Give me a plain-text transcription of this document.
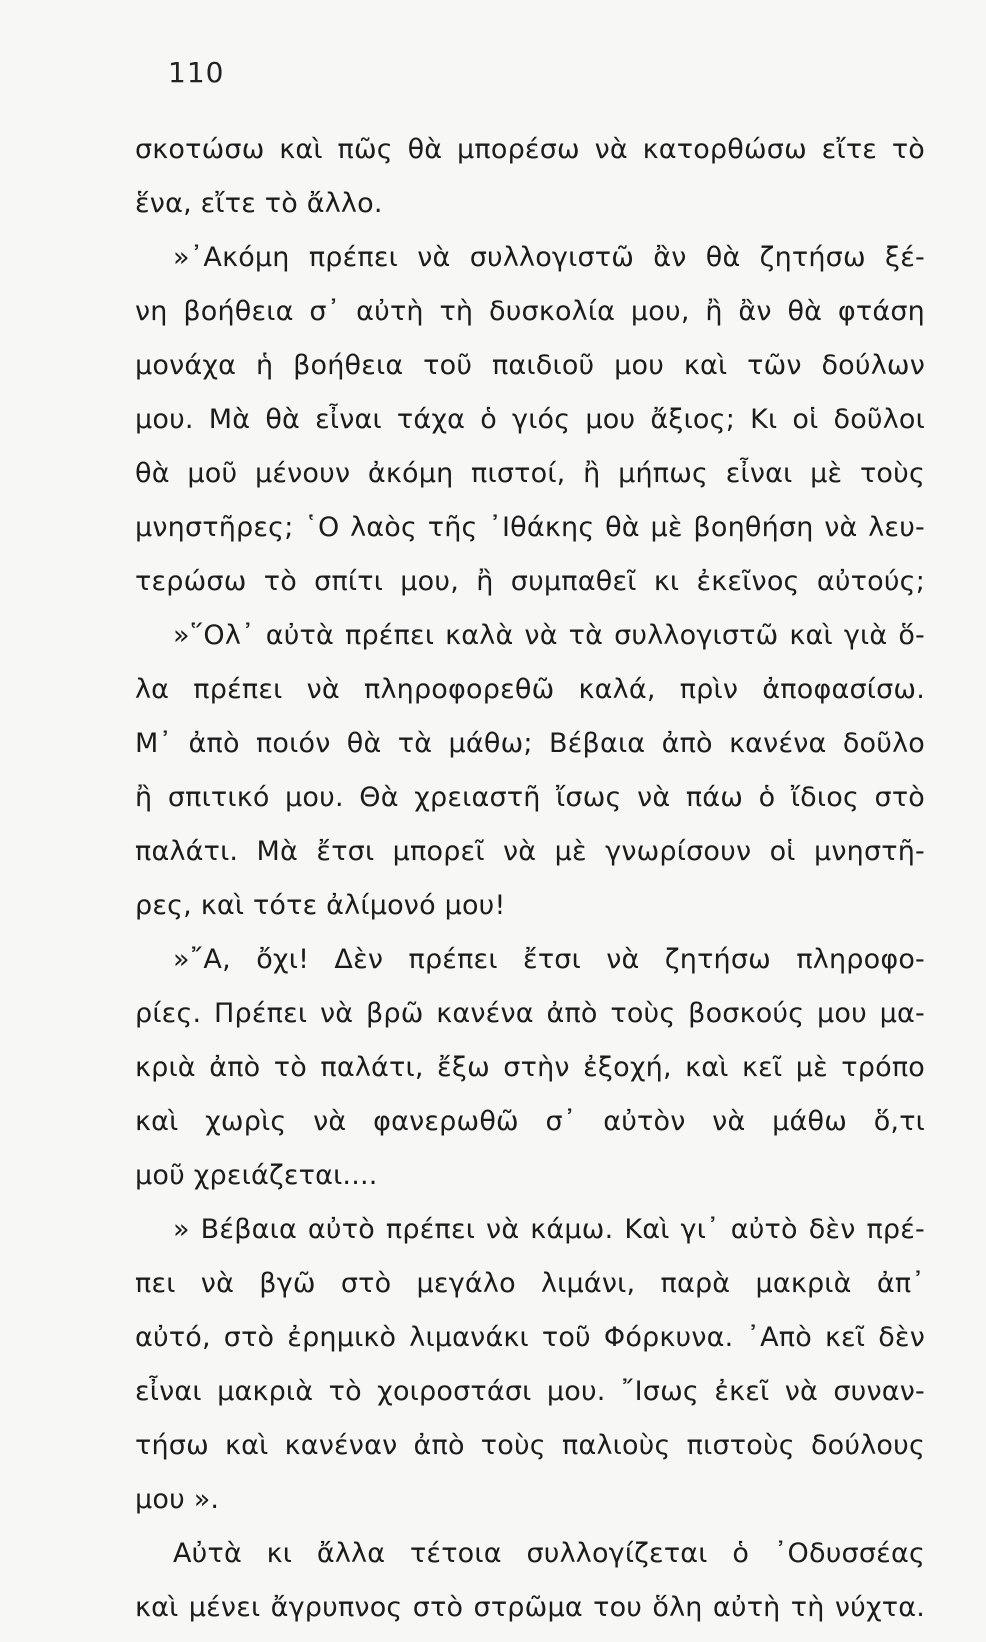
110
σκοτώσω καὶ πῶς θὰ μπορέσω νὰ κατορθώσω εἴτε τὸ
ἕνα, εἴτε τὸ ἄλλο.
»᾿Ακόμη πρέπει νὰ συλλογιστῶ ἂν θὰ ζητήσω ξέ-
νη βοήθεια σ᾿ αὐτὴ τὴ δυσκολία μου, ἢ ἂν θὰ φτάση
μονάχα ἡ βοήθεια τοῦ παιδιοῦ μου καὶ τῶν δούλων
μου. Μὰ θὰ εἶναι τάχα ὁ γιός μου ἄξιος; Κι οἱ δοῦλοι
θὰ μοῦ μένουν ἀκόμη πιστοί, ἢ μήπως εἶναι μὲ τοὺς
μνηστῆρες; ῾Ο λαὸς τῆς ᾿Ιθάκης θὰ μὲ βοηθήση νὰ λευ-
τερώσω τὸ σπίτι μου, ἢ συμπαθεῖ κι ἐκεῖνος αὐτούς;
»῞Ολ᾿ αὐτὰ πρέπει καλὰ νὰ τὰ συλλογιστῶ καὶ γιὰ ὅ-
λα πρέπει νὰ πληροφορεθῶ καλά, πρὶν ἀποφασίσω.
Μ᾿ ἀπὸ ποιόν θὰ τὰ μάθω; Βέβαια ἀπὸ κανένα δοῦλο
ἢ σπιτικό μου. Θὰ χρειαστῆ ἴσως νὰ πάω ὁ ἴδιος στὸ
παλάτι. Μὰ ἔτσι μπορεῖ νὰ μὲ γνωρίσουν οἱ μνηστῆ-
ρες, καὶ τότε ἀλίμονό μου!
»῎Α, ὄχι! Δὲν πρέπει ἔτσι νὰ ζητήσω πληροφο-
ρίες. Πρέπει νὰ βρῶ κανένα ἀπὸ τοὺς βοσκούς μου μα-
κριὰ ἀπὸ τὸ παλάτι, ἔξω στὴν ἐξοχή, καὶ κεῖ μὲ τρόπο
καὶ χωρὶς νὰ φανερωθῶ σ᾿ αὐτὸν νὰ μάθω ὅ,τι
μοῦ χρειάζεται....
» Βέβαια αὐτὸ πρέπει νὰ κάμω. Καὶ γι᾿ αὐτὸ δὲν πρέ-
πει νὰ βγῶ στὸ μεγάλο λιμάνι, παρὰ μακριὰ ἀπ᾿
αὐτό, στὸ ἐρημικὸ λιμανάκι τοῦ Φόρκυνα. ᾿Απὸ κεῖ δὲν
εἶναι μακριὰ τὸ χοιροστάσι μου. ῎Ισως ἐκεῖ νὰ συναν-
τήσω καὶ κανέναν ἀπὸ τοὺς παλιοὺς πιστοὺς δούλους
μου ».
Αὐτὰ κι ἄλλα τέτοια συλλογίζεται ὁ ᾿Οδυσσέας
καὶ μένει ἄγρυπνος στὸ στρῶμα του ὅλη αὐτὴ τὴ νύχτα.
